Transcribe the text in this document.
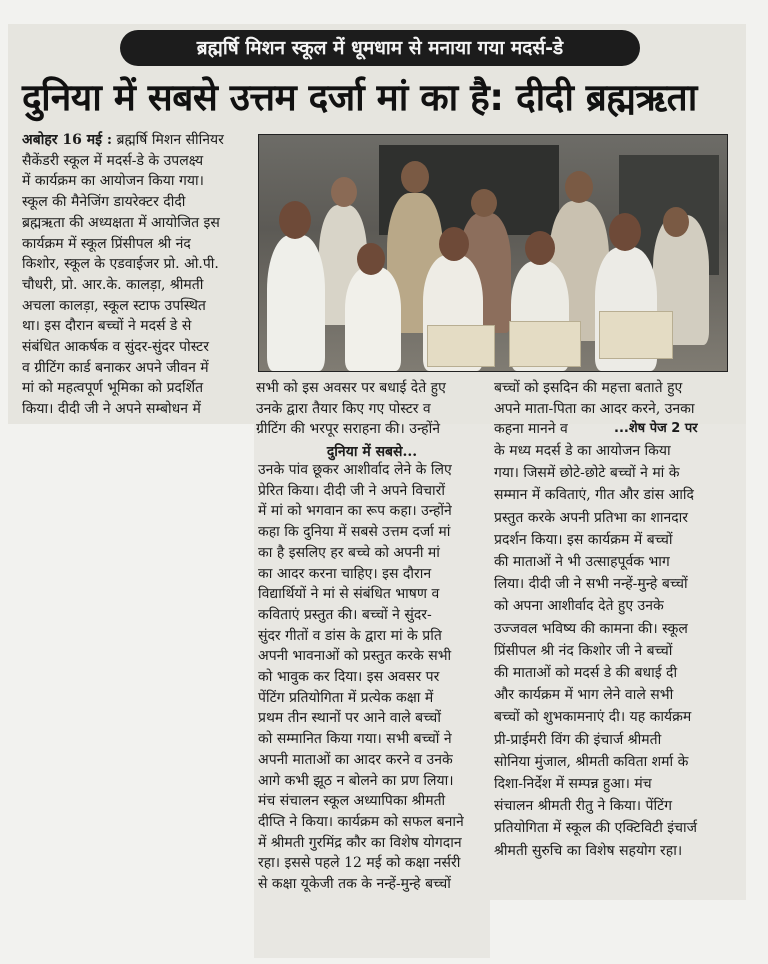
ब्रह्मर्षि मिशन स्कूल में धूमधाम से मनाया गया मदर्स-डे
दुनिया में सबसे उत्तम दर्जा मां का है: दीदी ब्रह्मऋता
अबोहर 16 मई : ब्रह्मर्षि मिशन सीनियर
सैकेंडरी स्कूल में मदर्स-डे के उपलक्ष्य
में कार्यक्रम का आयोजन किया गया।
स्कूल की मैनेजिंग डायरेक्टर दीदी
ब्रह्मऋता की अध्यक्षता में आयोजित इस
कार्यक्रम में स्कूल प्रिंसीपल श्री नंद
किशोर, स्कूल के एडवाईजर प्रो. ओ.पी.
चौधरी, प्रो. आर.के. कालड़ा, श्रीमती
अचला कालड़ा, स्कूल स्टाफ उपस्थित
था। इस दौरान बच्चों ने मदर्स डे से
संबंधित आकर्षक व सुंदर-सुंदर पोस्टर
व ग्रीटिंग कार्ड बनाकर अपने जीवन में
मां को महत्वपूर्ण भूमिका को प्रदर्शित
किया। दीदी जी ने अपने सम्बोधन में
सभी को इस अवसर पर बधाई देते हुए
उनके द्वारा तैयार किए गए पोस्टर व
ग्रीटिंग की भरपूर सराहना की। उन्होंने
बच्चों को इसदिन की महत्ता बताते हुए
अपने माता-पिता का आदर करने, उनका
कहना मानने व	...शेष पेज 2 पर
दुनिया में सबसे...
उनके पांव छूकर आशीर्वाद लेने के लिए
प्रेरित किया। दीदी जी ने अपने विचारों
में मां को भगवान का रूप कहा। उन्होंने
कहा कि दुनिया में सबसे उत्तम दर्जा मां
का है इसलिए हर बच्चे को अपनी मां
का आदर करना चाहिए। इस दौरान
विद्यार्थियों ने मां से संबंधित भाषण व
कविताएं प्रस्तुत की। बच्चों ने सुंदर-
सुंदर गीतों व डांस के द्वारा मां के प्रति
अपनी भावनाओं को प्रस्तुत करके सभी
को भावुक कर दिया। इस अवसर पर
पेंटिंग प्रतियोगिता में प्रत्येक कक्षा में
प्रथम तीन स्थानों पर आने वाले बच्चों
को सम्मानित किया गया। सभी बच्चों ने
अपनी माताओं का आदर करने व उनके
आगे कभी झूठ न बोलने का प्रण लिया।
मंच संचालन स्कूल अध्यापिका श्रीमती
दीप्ति ने किया। कार्यक्रम को सफल बनाने
में श्रीमती गुरमिंद्र कौर का विशेष योगदान
रहा। इससे पहले 12 मई को कक्षा नर्सरी
से कक्षा यूकेजी तक के नन्हें-मुन्हे बच्चों
के मध्य मदर्स डे का आयोजन किया
गया। जिसमें छोटे-छोटे बच्चों ने मां के
सम्मान में कविताएं, गीत और डांस आदि
प्रस्तुत करके अपनी प्रतिभा का शानदार
प्रदर्शन किया। इस कार्यक्रम में बच्चों
की माताओं ने भी उत्साहपूर्वक भाग
लिया। दीदी जी ने सभी नन्हें-मुन्हे बच्चों
को अपना आशीर्वाद देते हुए उनके
उज्जवल भविष्य की कामना की। स्कूल
प्रिंसीपल श्री नंद किशोर जी ने बच्चों
की माताओं को मदर्स डे की बधाई दी
और कार्यक्रम में भाग लेने वाले सभी
बच्चों को शुभकामनाएं दी। यह कार्यक्रम
प्री-प्राईमरी विंग की इंचार्ज श्रीमती
सोनिया मुंजाल, श्रीमती कविता शर्मा के
दिशा-निर्देश में सम्पन्न हुआ। मंच
संचालन श्रीमती रीतु ने किया। पेंटिंग
प्रतियोगिता में स्कूल की एक्टिविटी इंचार्ज
श्रीमती सुरुचि का विशेष सहयोग रहा।
